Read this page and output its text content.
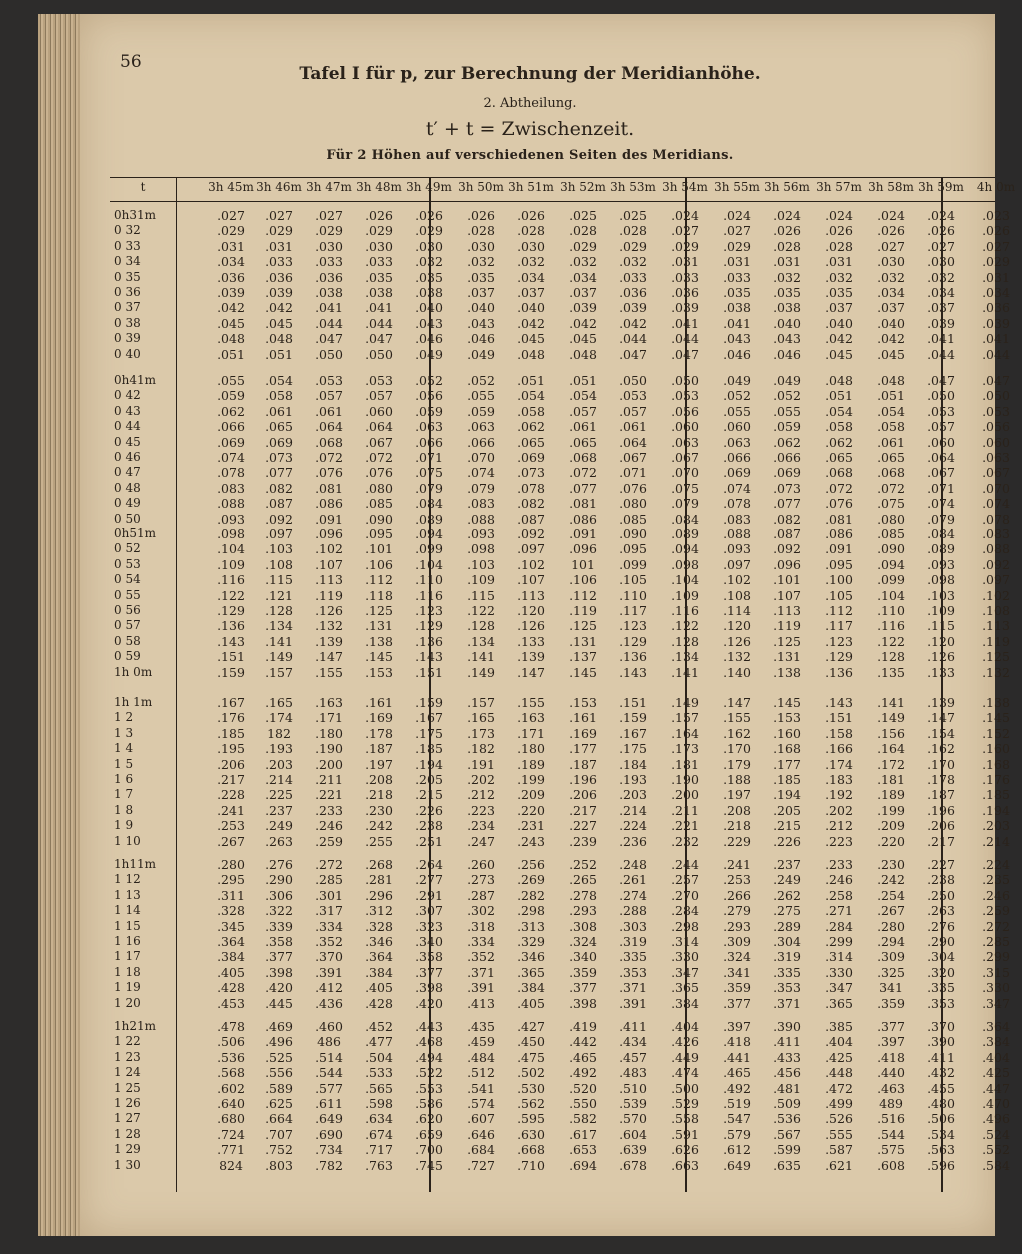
56
Tafel I für p, zur Berechnung der Meridianhöhe.
2. Abtheilung.
t′ + t = Zwischenzeit.
Für 2 Höhen auf verschiedenen Seiten des Meridians.
t	3h 45m 3h 46m 3h 47m 3h 48m 3h 49m 3h 50m 3h 51m 3h 52m 3h 53m 3h 54m 3h 55m 3h 56m 3h 57m 3h 58m 3h 59m	4h 0m
0h31m	.027	.027	.027	.026	.026	.026	.026	.025	.025	.024	.024	.024	.024	.024	.024	.023
0 32	.029	.029	.029	.029	.029	.028	.028	.028	.028	.027	.027	.026	.026	.026	.026	.026
0 33	.031	.031	.030	.030	.030	.030	.030	.029	.029	.029	.029	.028	.028	.027	.027	.027
0 34	.034	.033	.033	.033	.032	.032	.032	.032	.032	.031	.031	.031	.031	.030	.030	.029
0 35	.036	.036	.036	.035	.035	.035	.034	.034	.033	.033	.033	.032	.032	.032	.032	.031
0 36	.039	.039	.038	.038	.038	.037	.037	.037	.036	.036	.035	.035	.035	.034	.034	.034
0 37	.042	.042	.041	.041	.040	.040	.040	.039	.039	.039	.038	.038	.037	.037	.037	.036
0 38	.045	.045	.044	.044	.043	.043	.042	.042	.042	.041	.041	.040	.040	.040	.039	.039
0 39	.048	.048	.047	.047	.046	.046	.045	.045	.044	.044	.043	.043	.042	.042	.041	.041
0 40	.051	.051	.050	.050	.049	.049	.048	.048	.047	.047	.046	.046	.045	.045	.044	.044
0h41m	.055	.054	.053	.053	.052	.052	.051	.051	.050	.050	.049	.049	.048	.048	.047	.047
0 42	.059	.058	.057	.057	.056	.055	.054	.054	.053	.053	.052	.052	.051	.051	.050	.050
0 43	.062	.061	.061	.060	.059	.059	.058	.057	.057	.056	.055	.055	.054	.054	.053	.053
0 44	.066	.065	.064	.064	.063	.063	.062	.061	.061	.060	.060	.059	.058	.058	.057	.056
0 45	.069	.069	.068	.067	.066	.066	.065	.065	.064	.063	.063	.062	.062	.061	.060	.060
0 46	.074	.073	.072	.072	.071	.070	.069	.068	.067	.067	.066	.066	.065	.065	.064	.063
0 47	.078	.077	.076	.076	.075	.074	.073	.072	.071	.070	.069	.069	.068	.068	.067	.067
0 48	.083	.082	.081	.080	.079	.079	.078	.077	.076	.075	.074	.073	.072	.072	.071	.070
0 49	.088	.087	.086	.085	.084	.083	.082	.081	.080	.079	.078	.077	.076	.075	.074	.074
0 50	.093	.092	.091	.090	.089	.088	.087	.086	.085	.084	.083	.082	.081	.080	.079	.078
0h51m	.098	.097	.096	.095	.094	.093	.092	.091	.090	.089	.088	.087	.086	.085	.084	.083
0 52	.104	.103	.102	.101	.099	.098	.097	.096	.095	.094	.093	.092	.091	.090	.089	.088
0 53	.109	.108	.107	.106	.104	.103	.102	101	.099	.098	.097	.096	.095	.094	.093	.092
0 54	.116	.115	.113	.112	.110	.109	.107	.106	.105	.104	.102	.101	.100	.099	.098	.097
0 55	.122	.121	.119	.118	.116	.115	.113	.112	.110	.109	.108	.107	.105	.104	.103	.102
0 56	.129	.128	.126	.125	.123	.122	.120	.119	.117	.116	.114	.113	.112	.110	.109	.108
0 57	.136	.134	.132	.131	.129	.128	.126	.125	.123	.122	.120	.119	.117	.116	.115	.113
0 58	.143	.141	.139	.138	.136	.134	.133	.131	.129	.128	.126	.125	.123	.122	.120	.119
0 59	.151	.149	.147	.145	.143	.141	.139	.137	.136	.134	.132	.131	.129	.128	.126	.125
1h 0m	.159	.157	.155	.153	.151	.149	.147	.145	.143	.141	.140	.138	.136	.135	.133	.132
1h 1m	.167	.165	.163	.161	.159	.157	.155	.153	.151	.149	.147	.145	.143	.141	.139	.138
1 2	.176	.174	.171	.169	.167	.165	.163	.161	.159	.157	.155	.153	.151	.149	.147	.145
1 3	.185	182	.180	.178	.175	.173	.171	.169	.167	.164	.162	.160	.158	.156	.154	.152
1 4	.195	.193	.190	.187	.185	.182	.180	.177	.175	.173	.170	.168	.166	.164	.162	.160
1 5	.206	.203	.200	.197	.194	.191	.189	.187	.184	.181	.179	.177	.174	.172	.170	.168
1 6	.217	.214	.211	.208	.205	.202	.199	.196	.193	.190	.188	.185	.183	.181	.178	.176
1 7	.228	.225	.221	.218	.215	.212	.209	.206	.203	.200	.197	.194	.192	.189	.187	.185
1 8	.241	.237	.233	.230	.226	.223	.220	.217	.214	.211	.208	.205	.202	.199	.196	.194
1 9	.253	.249	.246	.242	.238	.234	.231	.227	.224	.221	.218	.215	.212	.209	.206	.203
1 10	.267	.263	.259	.255	.251	.247	.243	.239	.236	.232	.229	.226	.223	.220	.217	.214
1h11m	.280	.276	.272	.268	.264	.260	.256	.252	.248	.244	.241	.237	.233	.230	.227	.224
1 12	.295	.290	.285	.281	.277	.273	.269	.265	.261	.257	.253	.249	.246	.242	.238	.235
1 13	.311	.306	.301	.296	.291	.287	.282	.278	.274	.270	.266	.262	.258	.254	.250	.246
1 14	.328	.322	.317	.312	.307	.302	.298	.293	.288	.284	.279	.275	.271	.267	.263	.259
1 15	.345	.339	.334	.328	.323	.318	.313	.308	.303	.298	.293	.289	.284	.280	.276	.272
1 16	.364	.358	.352	.346	.340	.334	.329	.324	.319	.314	.309	.304	.299	.294	.290	.285
1 17	.384	.377	.370	.364	.358	.352	.346	.340	.335	.330	.324	.319	.314	.309	.304	.299
1 18	.405	.398	.391	.384	.377	.371	.365	.359	.353	.347	.341	.335	.330	.325	.320	.315
1 19	.428	.420	.412	.405	.398	.391	.384	.377	.371	.365	.359	.353	.347	341	.335	.330
1 20	.453	.445	.436	.428	.420	.413	.405	.398	.391	.384	.377	.371	.365	.359	.353	.347
1h21m	.478	.469	.460	.452	.443	.435	.427	.419	.411	.404	.397	.390	.385	.377	.370	.364
1 22	.506	.496	486	.477	.468	.459	.450	.442	.434	.426	.418	.411	.404	.397	.390	.384
1 23	.536	.525	.514	.504	.494	.484	.475	.465	.457	.449	.441	.433	.425	.418	.411	.404
1 24	.568	.556	.544	.533	.522	.512	.502	.492	.483	.474	.465	.456	.448	.440	.432	.425
1 25	.602	.589	.577	.565	.553	.541	.530	.520	.510	.500	.492	.481	.472	.463	.455	.447
1 26	.640	.625	.611	.598	.586	.574	.562	.550	.539	.529	.519	.509	.499	489	.480	.470
1 27	.680	.664	.649	.634	.620	.607	.595	.582	.570	.558	.547	.536	.526	.516	.506	.496
1 28	.724	.707	.690	.674	.659	.646	.630	.617	.604	.591	.579	.567	.555	.544	.534	.524
1 29	.771	.752	.734	.717	.700	.684	.668	.653	.639	.626	.612	.599	.587	.575	.563	.552
1 30	824	.803	.782	.763	.745	.727	.710	.694	.678	.663	.649	.635	.621	.608	.596	.584
